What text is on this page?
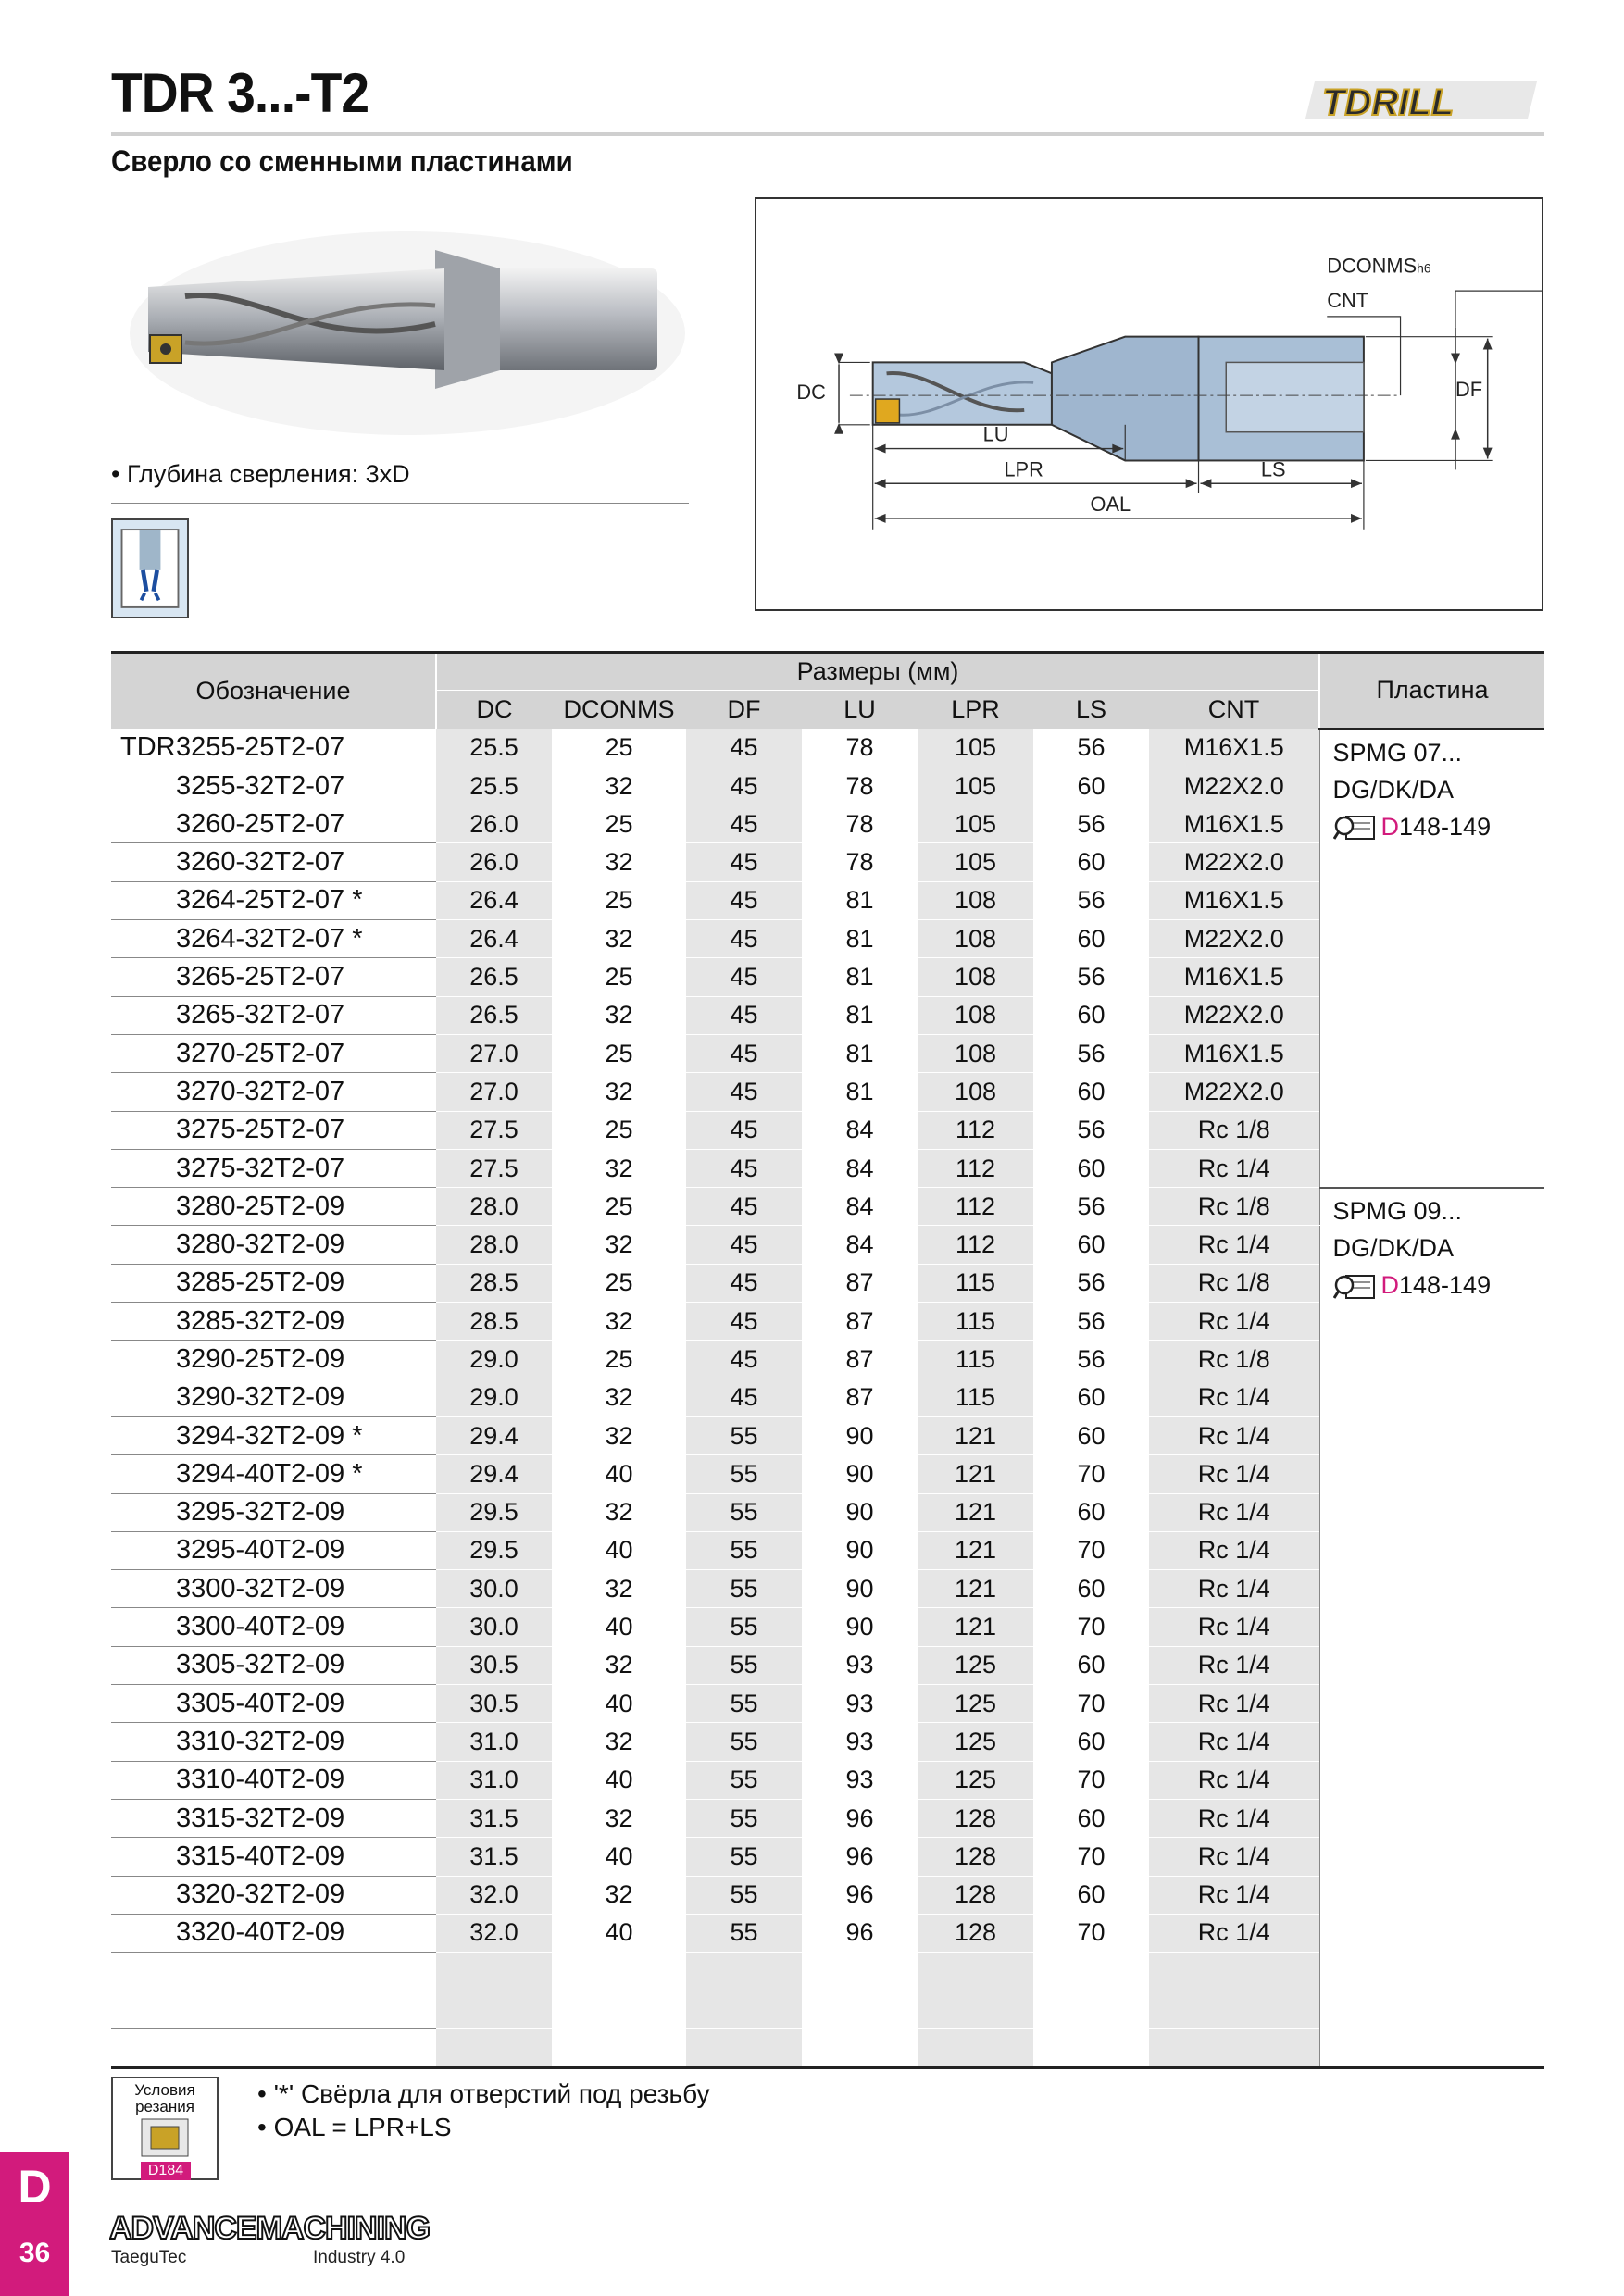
TDR 3...-T2
Сверло со сменными пластинами
TDRILL
• Глубина сверления: 3xD
DC	DF
DCONMSh6
CNT
LU
LPR	LS
OAL
Обозначение	Размеры (мм)							Пластина
	DC	DCONMS	DF	LU	LPR	LS	CNT	
TDR3255-25T2-07	25.5	25	45	78	105	56	M16X1.5	SPMG 07...
DG/DK/DA
D148-149

3255-32T2-07	25.5	32	45	78	105	60	M22X2.0	
3260-25T2-07	26.0	25	45	78	105	56	M16X1.5	
3260-32T2-07	26.0	32	45	78	105	60	M22X2.0	
3264-25T2-07 *	26.4	25	45	81	108	56	M16X1.5	
3264-32T2-07 *	26.4	32	45	81	108	60	M22X2.0	
3265-25T2-07	26.5	25	45	81	108	56	M16X1.5	
3265-32T2-07	26.5	32	45	81	108	60	M22X2.0	
3270-25T2-07	27.0	25	45	81	108	56	M16X1.5	
3270-32T2-07	27.0	32	45	81	108	60	M22X2.0	
3275-25T2-07	27.5	25	45	84	112	56	Rc 1/8	
3275-32T2-07	27.5	32	45	84	112	60	Rc 1/4	
3280-25T2-09	28.0	25	45	84	112	56	Rc 1/8	SPMG 09...
DG/DK/DA
D148-149

3280-32T2-09	28.0	32	45	84	112	60	Rc 1/4	
3285-25T2-09	28.5	25	45	87	115	56	Rc 1/8	
3285-32T2-09	28.5	32	45	87	115	56	Rc 1/4	
3290-25T2-09	29.0	25	45	87	115	56	Rc 1/8	
3290-32T2-09	29.0	32	45	87	115	60	Rc 1/4	
3294-32T2-09 *	29.4	32	55	90	121	60	Rc 1/4	
3294-40T2-09 *	29.4	40	55	90	121	70	Rc 1/4	
3295-32T2-09	29.5	32	55	90	121	60	Rc 1/4	
3295-40T2-09	29.5	40	55	90	121	70	Rc 1/4	
3300-32T2-09	30.0	32	55	90	121	60	Rc 1/4	
3300-40T2-09	30.0	40	55	90	121	70	Rc 1/4	
3305-32T2-09	30.5	32	55	93	125	60	Rc 1/4	
3305-40T2-09	30.5	40	55	93	125	70	Rc 1/4	
3310-32T2-09	31.0	32	55	93	125	60	Rc 1/4	
3310-40T2-09	31.0	40	55	93	125	70	Rc 1/4	
3315-32T2-09	31.5	32	55	96	128	60	Rc 1/4	
3315-40T2-09	31.5	40	55	96	128	70	Rc 1/4	
3320-32T2-09	32.0	32	55	96	128	60	Rc 1/4	
3320-40T2-09	32.0	40	55	96	128	70	Rc 1/4	

Условия
резания
D184
• '*' Свёрла для отверстий под резьбу
• OAL = LPR+LS
D
36
ADVANCEMACHINING
TaeguTec	Industry 4.0
